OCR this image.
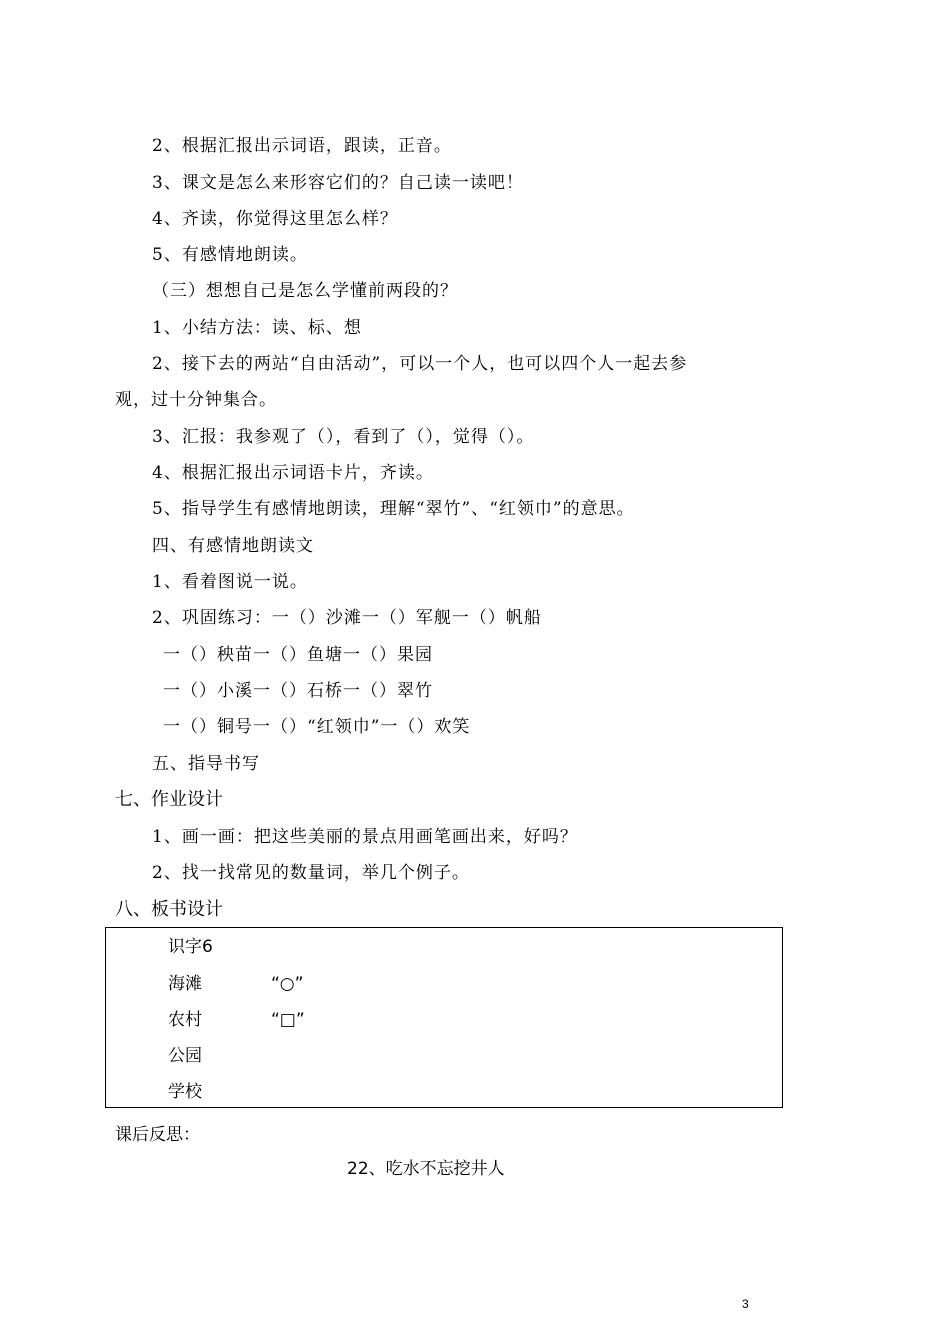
2、根据汇报出示词语，跟读，正音。
3、课文是怎么来形容它们的？自己读一读吧！
4、齐读，你觉得这里怎么样？
5、有感情地朗读。
（三）想想自己是怎么学懂前两段的？
1、小结方法：读、标、想
2、接下去的两站“自由活动”，可以一个人，也可以四个人一起去参
观，过十分钟集合。
3、汇报：我参观了（），看到了（），觉得（）。
4、根据汇报出示词语卡片，齐读。
5、指导学生有感情地朗读，理解“翠竹”、“红领巾”的意思。
四、有感情地朗读文
1、看着图说一说。
2、巩固练习：一（）沙滩一（）军舰一（）帆船
一（）秧苗一（）鱼塘一（）果园
一（）小溪一（）石桥一（）翠竹
一（）铜号一（）“红领巾”一（）欢笑
五、指导书写
七、作业设计
1、画一画：把这些美丽的景点用画笔画出来，好吗？
2、找一找常见的数量词，举几个例子。
八、板书设计
识字6
海滩	“○”
农村	“□”
公园
学校
课后反思：
22、吃水不忘挖井人
3
